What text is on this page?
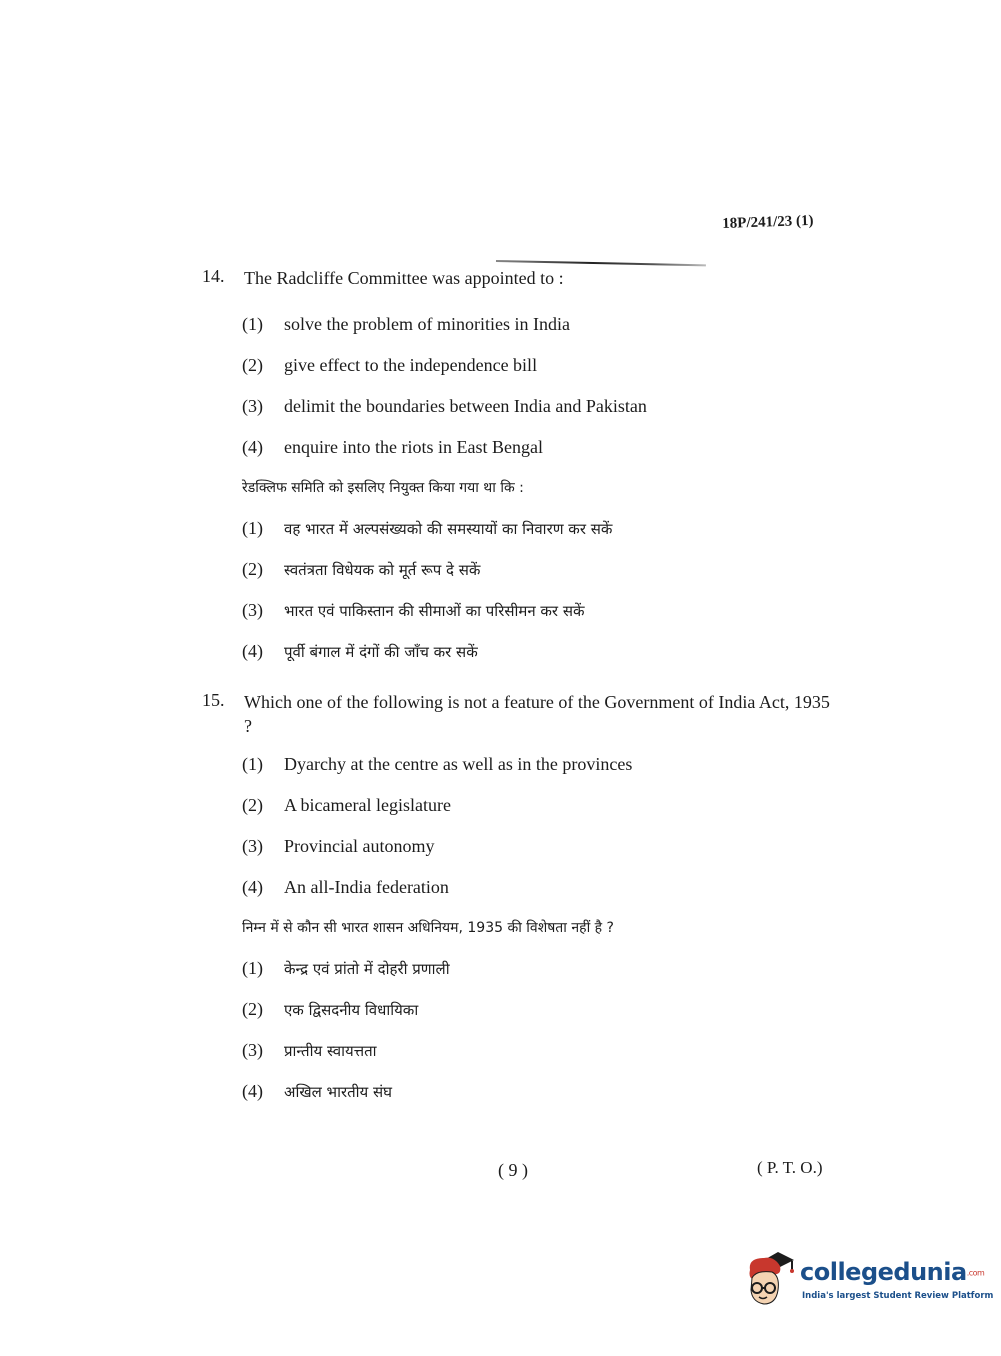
18P/241/23 (1)
14.	The Radcliffe Committee was appointed to :
(1)	solve the problem of minorities in India
(2)	give effect to the independence bill
(3)	delimit the boundaries between India and Pakistan
(4)	enquire into the riots in East Bengal
रेडक्लिफ समिति को इसलिए नियुक्त किया गया था कि :
(1)	वह भारत में अल्पसंख्यको की समस्यायों का निवारण कर सकें
(2)	स्वतंत्रता विधेयक को मूर्त रूप दे सकें
(3)	भारत एवं पाकिस्तान की सीमाओं का परिसीमन कर सकें
(4)	पूर्वी बंगाल में दंगों की जाँच कर सकें
15.	Which one of the following is not a feature of the Government of India Act, 1935 ?
(1)	Dyarchy at the centre as well as in the provinces
(2)	A bicameral legislature
(3)	Provincial autonomy
(4)	An all-India federation
निम्न में से कौन सी भारत शासन अधिनियम, 1935 की विशेषता नहीं है ?
(1)	केन्द्र एवं प्रांतो में दोहरी प्रणाली
(2)	एक द्विसदनीय विधायिका
(3)	प्रान्तीय स्वायत्तता
(4)	अखिल भारतीय संघ
( 9 )	( P. T. O.)
collegedunia.com
India's largest Student Review Platform
